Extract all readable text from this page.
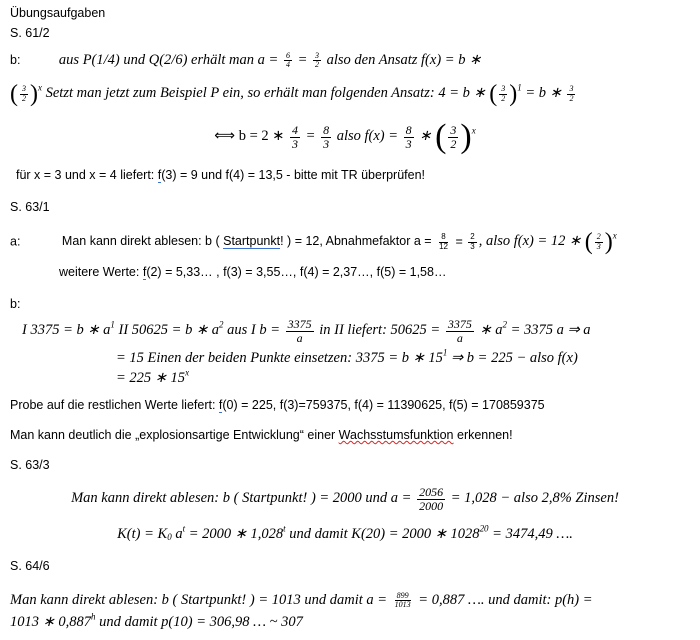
Übungsaufgaben
S. 61/2
b:	aus P(1/4) und Q(2/6) erhält man $a = \frac{6}{4} = \frac{3}{2}$ also den Ansatz f(x) = b ∗
( $\frac{3}{2}$ ) $^x$ Setzt man jetzt zum Beispiel P ein, so erhält man folgenden Ansatz: 4 = b ∗ ( $\frac{3}{2}$ ) $^1$ = b ∗ $\frac{3}{2}$
⟺ b = 2 ∗ $\frac{4}{3} = \frac{8}{3}$ also $f(x) = \frac{8}{3}$ ∗ ( $\frac{3}{2}$ ) $^x$
für x = 3 und x = 4 liefert: f(3) = 9 und f(4) = 13,5 - bitte mit TR überprüfen!
S. 63/1
a:	Man kann direkt ablesen: b ( Startpunkt! ) = 12, Abnahmefaktor $a = \frac{8}{12} = \frac{2}{3}$ , also f(x) = 12 ∗ ( $\frac{2}{3}$ ) $^x$
weitere Werte: f(2) = 5,33… , f(3) = 3,55…, f(4) = 2,37…, f(5) = 1,58…
b:
I 3375 = b ∗ $a^1$ II 50625 = b ∗ $a^2$ aus I $b = \frac{3375}{a}$ in II liefert: $50625 = \frac{3375}{a}$ ∗ $a^2 = 3375$ a ⇒ a
= 15 Einen der beiden Punkte einsetzen: 3375 = b ∗ $15^1$ ⇒ b = 225 − also f(x)
= 225 ∗ 15$^x$
Probe auf die restlichen Werte liefert: f(0) = 225, f(3)=759375, f(4) = 11390625, f(5) = 170859375
Man kann deutlich die „explosionsartige Entwicklung“ einer Wachsstumsfunktion erkennen!
S. 63/3
Man kann direkt ablesen: b ( Startpunkt! ) = 2000 und $a = \frac{2056}{2000} = 1,028$ − also 2,8% Zinsen!
$K(t) = K_0$ $a^t = 2000$ ∗ 1,028$^t$ und damit K(20) = 2000 ∗ $1028^{20} = 3474,49$ ….
S. 64/6
Man kann direkt ablesen: b ( Startpunkt! ) = 1013 und damit $a = \frac{899}{1013} = 0,887$ …. und damit: p(h) =
1013 ∗ 0,887$^h$ und damit p(10) = 306,98 … ~ 307
